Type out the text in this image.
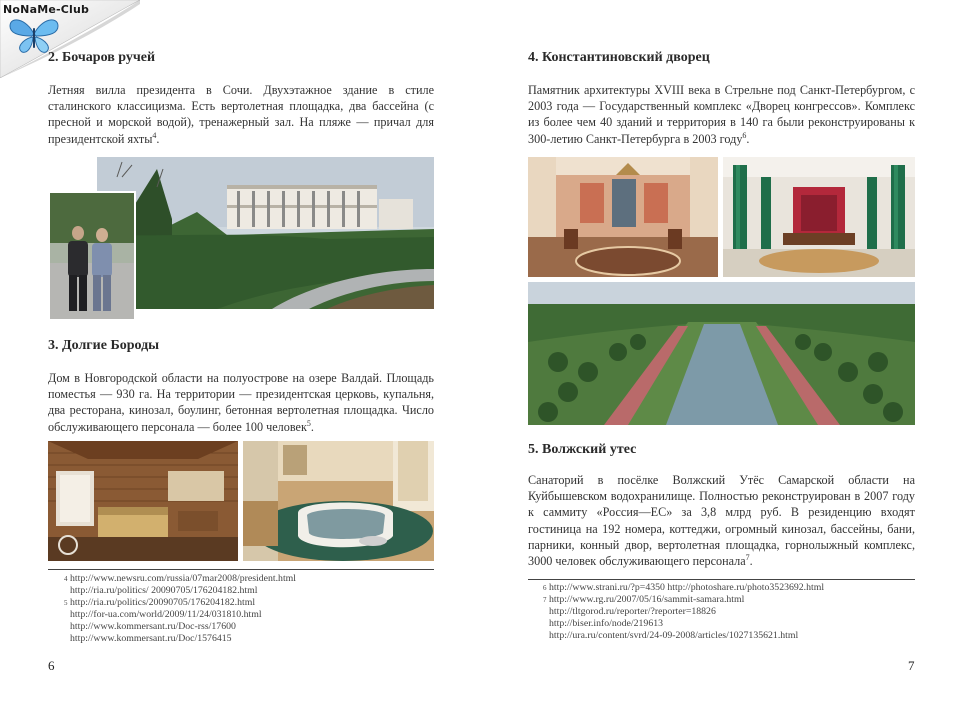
NoNaMe-Club
2. Бочаров ручей

Летняя вилла президента в Сочи. Двухэтажное здание в стиле сталинского классицизма. Есть вертолетная площадка, два бассейна (с пресной и морской водой), тренажерный зал. На пляже — причал для президентской яхты$^4$.

3. Долгие Бороды

Дом в Новгородской области на полуострове на озере Валдай. Площадь поместья — 930 га. На территории — президентская церковь, купальня, два ресторана, кинозал, боулинг, бетонная вертолетная площадка. Число обслуживающего персонала — более 100 человек$^5$.

4 http://www.newsru.com/russia/07mar2008/president.html
http://ria.ru/politics/ 20090705/176204182.html
5 http://ria.ru/politics/20090705/176204182.html
http://for-ua.com/world/2009/11/24/031810.html
http://www.kommersant.ru/Doc-rss/17600
http://www.kommersant.ru/Doc/1576415
6
4. Константиновский дворец

Памятник архитектуры XVIII века в Стрельне под Санкт-Петербургом, с 2003 года — Государственный комплекс «Дворец конгрессов». Комплекс из более чем 40 зданий и территория в 140 га были реконструированы к 300-летию Санкт-Петербурга в 2003 году$^6$.

5. Волжский утес

Санаторий в посёлке Волжский Утёс Самарской области на Куйбышевском водохранилище. Полностью реконструирован в 2007 году к саммиту «Россия—ЕС» за 3,8 млрд руб. В резиденцию входят гостиница на 192 номера, коттеджи, огромный кинозал, бассейны, бани, парники, конный двор, вертолетная площадка, горнолыжный комплекс, 3000 человек обслуживающего персонала$^7$.

6 http://www.strani.ru/?p=4350 http://photoshare.ru/photo3523692.html
7 http://www.rg.ru/2007/05/16/sammit-samara.html
http://tltgorod.ru/reporter/?reporter=18826
http://biser.info/node/219613
http://ura.ru/content/svrd/24-09-2008/articles/1027135621.html
7
